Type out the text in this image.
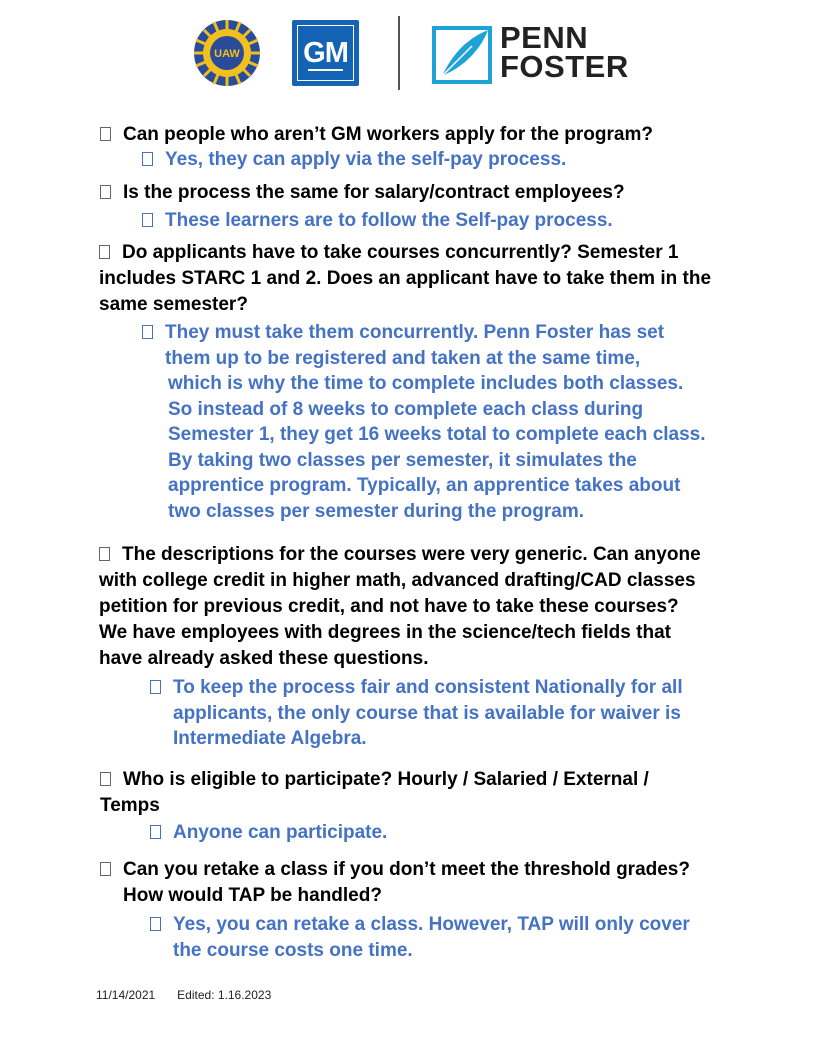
UAW GM	PENN
FOSTER
Can people who aren’t GM workers apply for the program?
Yes, they can apply via the self-pay process.
Is the process the same for salary/contract employees?
These learners are to follow the Self-pay process.
Do applicants have to take courses concurrently? Semester 1
includes STARC 1 and 2. Does an applicant have to take them in the
same semester?
They must take them concurrently. Penn Foster has set
them up to be registered and taken at the same time,
which is why the time to complete includes both classes.
So instead of 8 weeks to complete each class during
Semester 1, they get 16 weeks total to complete each class.
By taking two classes per semester, it simulates the
apprentice program. Typically, an apprentice takes about
two classes per semester during the program.
The descriptions for the courses were very generic. Can anyone
with college credit in higher math, advanced drafting/CAD classes
petition for previous credit, and not have to take these courses?
We have employees with degrees in the science/tech fields that
have already asked these questions.
To keep the process fair and consistent Nationally for all
applicants, the only course that is available for waiver is
Intermediate Algebra.
Who is eligible to participate? Hourly / Salaried / External /
Temps
Anyone can participate.
Can you retake a class if you don’t meet the threshold grades?
How would TAP be handled?
Yes, you can retake a class. However, TAP will only cover
the course costs one time.
11/14/2021 Edited: 1.16.2023
